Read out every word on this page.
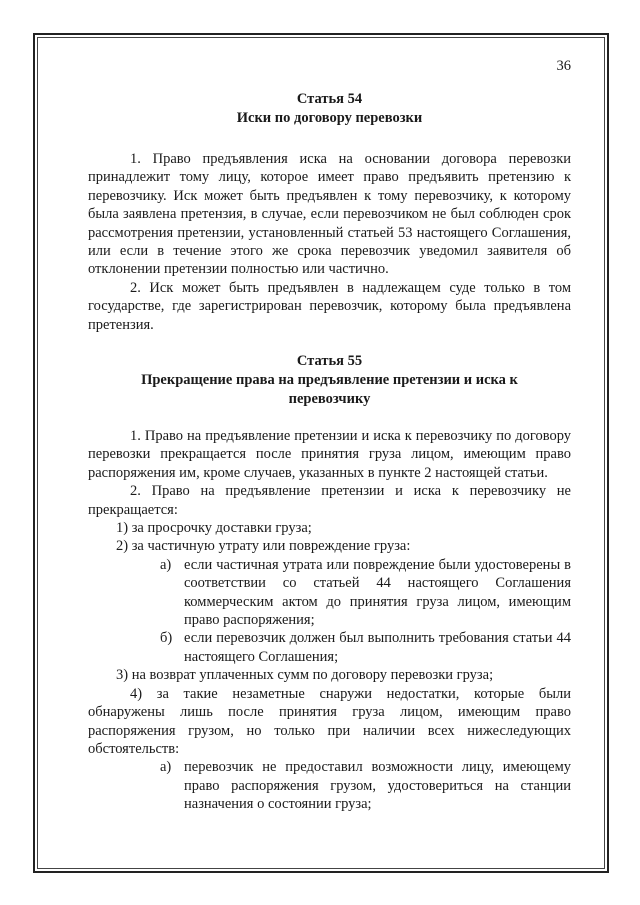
36
Статья 54
Иски по договору перевозки

1. Право предъявления иска на основании договора перевозки принадлежит тому лицу, которое имеет право предъявить претензию к перевозчику. Иск может быть предъявлен к тому перевозчику, к которому была заявлена претензия, в случае, если перевозчиком не был соблюден срок рассмотрения претензии, установленный статьей 53 настоящего Соглашения, или если в течение этого же срока перевозчик уведомил заявителя об отклонении претензии полностью или частично.

2. Иск может быть предъявлен в надлежащем суде только в том государстве, где зарегистрирован перевозчик, которому была предъявлена претензия.

Статья 55
Прекращение права на предъявление претензии и иска к
перевозчику

1. Право на предъявление претензии и иска к перевозчику по договору перевозки прекращается после принятия груза лицом, имеющим право распоряжения им, кроме случаев, указанных в пункте 2 настоящей статьи.

2. Право на предъявление претензии и иска к перевозчику не прекращается:

1) за просрочку доставки груза;

2) за частичную утрату или повреждение груза:

а) если частичная утрата или повреждение были удостоверены в соответствии со статьей 44 настоящего Соглашения коммерческим актом до принятия груза лицом, имеющим право распоряжения;

б) если перевозчик должен был выполнить требования статьи 44 настоящего Соглашения;

3) на возврат уплаченных сумм по договору перевозки груза;

4) за такие незаметные снаружи недостатки, которые были обнаружены лишь после принятия груза лицом, имеющим право распоряжения грузом, но только при наличии всех нижеследующих обстоятельств:

а) перевозчик не предоставил возможности лицу, имеющему право распоряжения грузом, удостовериться на станции назначения о состоянии груза;
